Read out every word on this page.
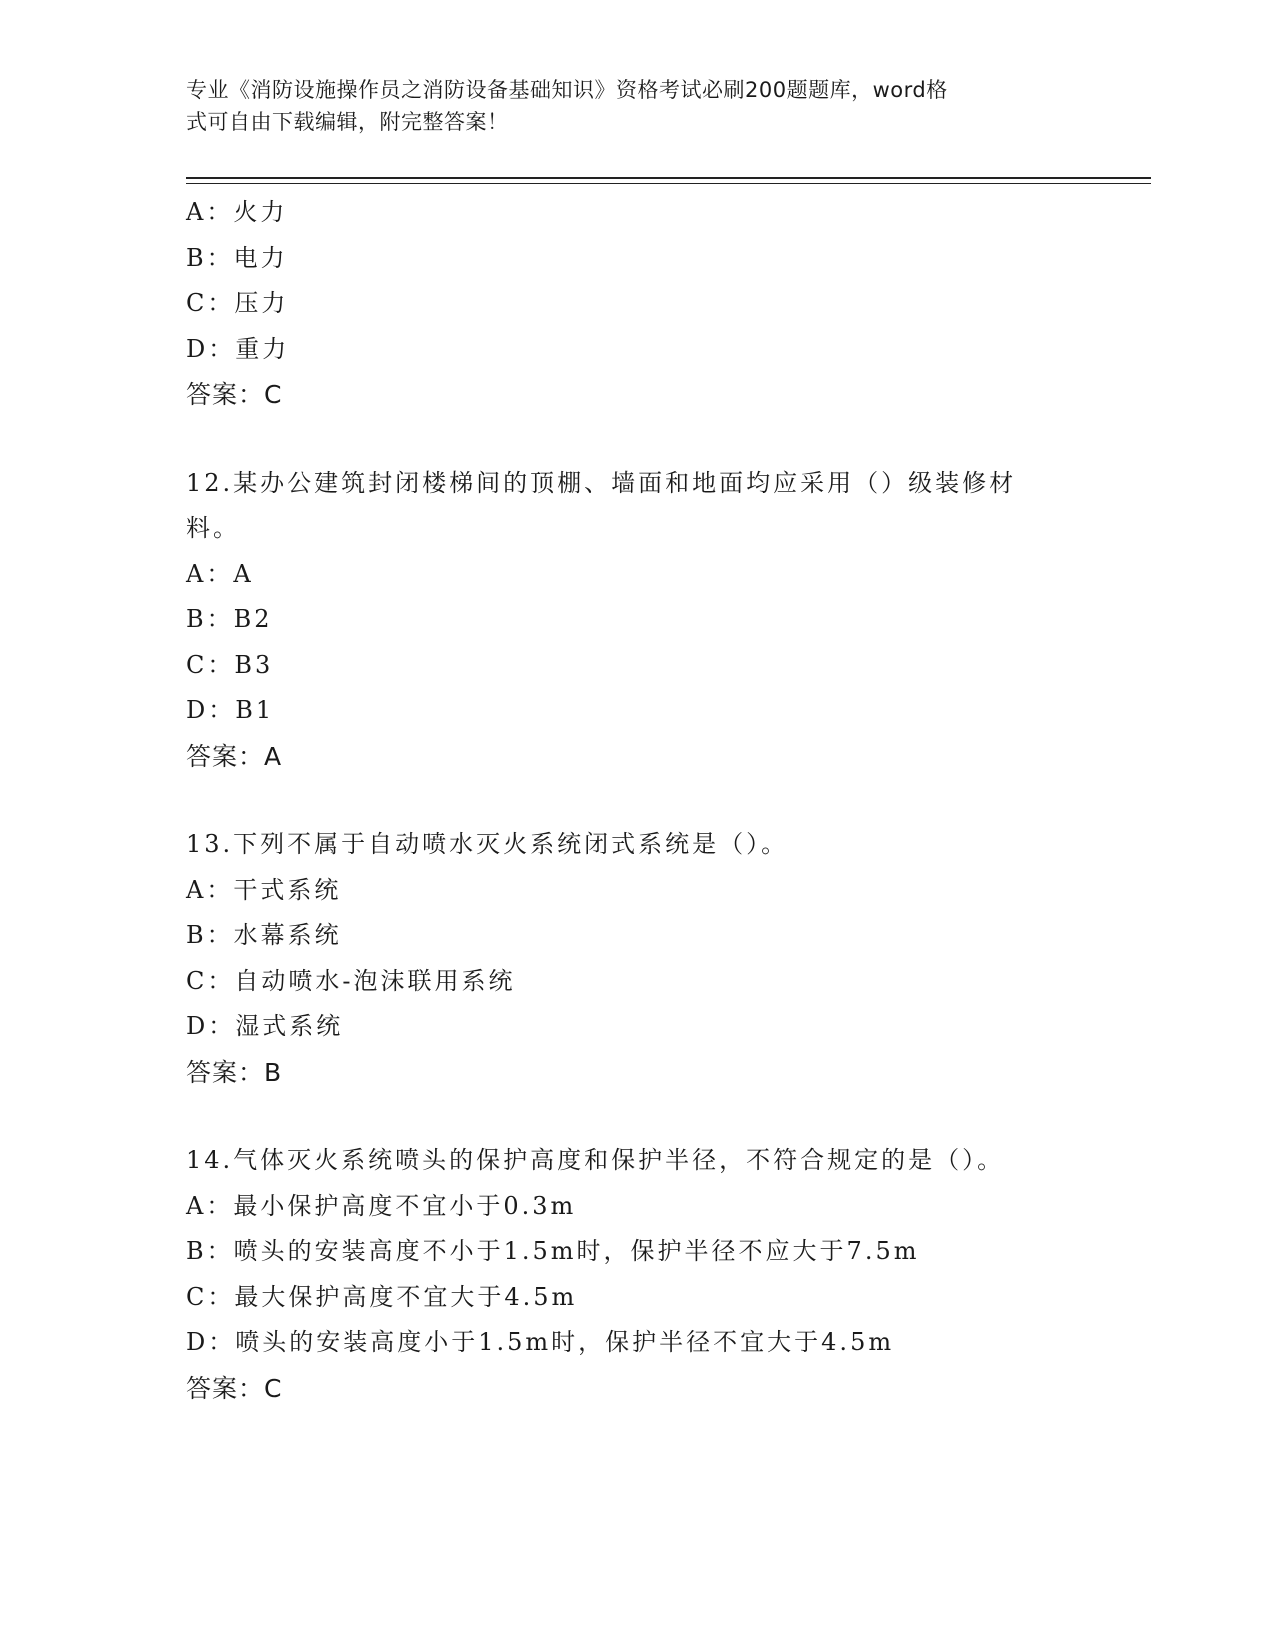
专业《消防设施操作员之消防设备基础知识》资格考试必刷200题题库，word格
式可自由下载编辑，附完整答案！
A：火力
B：电力
C：压力
D：重力
答案：C
12.某办公建筑封闭楼梯间的顶棚、墙面和地面均应采用（）级装修材
料。
A：A
B：B2
C：B3
D：B1
答案：A
13.下列不属于自动喷水灭火系统闭式系统是（）。
A：干式系统
B：水幕系统
C：自动喷水-泡沫联用系统
D：湿式系统
答案：B
14.气体灭火系统喷头的保护高度和保护半径，不符合规定的是（）。
A：最小保护高度不宜小于0.3m
B：喷头的安装高度不小于1.5m时，保护半径不应大于7.5m
C：最大保护高度不宜大于4.5m
D：喷头的安装高度小于1.5m时，保护半径不宜大于4.5m
答案：C
